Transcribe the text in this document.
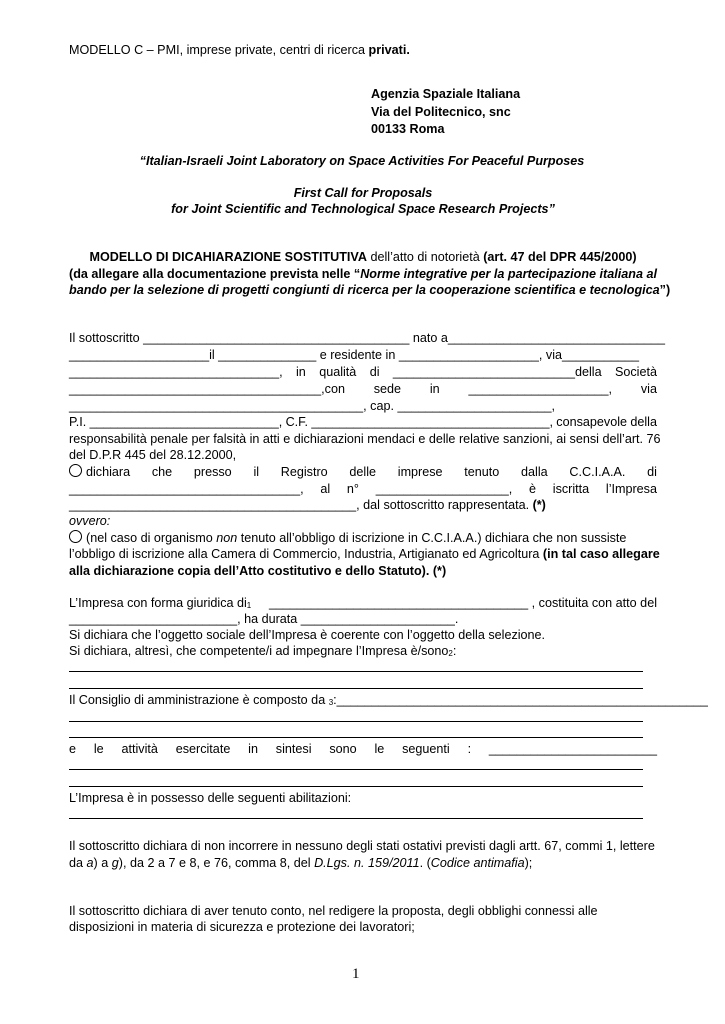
MODELLO C – PMI, imprese private, centri di ricerca privati.
Agenzia Spaziale Italiana
Via del Politecnico, snc
00133 Roma
“Italian-Israeli Joint Laboratory on Space Activities For Peaceful Purposes
First Call for Proposals
for Joint Scientific and Technological Space Research Projects”
MODELLO DI DICAHIARAZIONE SOSTITUTIVA dell’atto di notorietà (art. 47 del DPR 445/2000)
(da allegare alla documentazione prevista nelle “Norme integrative per la partecipazione italiana al
bando per la selezione di progetti congiunti di ricerca per la cooperazione scientifica e tecnologica”)
Il sottoscritto ______________________________________ nato a_______________________________
____________________il ______________ e residente in ____________________, via___________
______________________________, in qualità di __________________________della Società
____________________________________,con sede in ____________________, via
__________________________________________, cap. ______________________,
P.I. ___________________________, C.F. __________________________________, consapevole della
responsabilità penale per falsità in atti e dichiarazioni mendaci e delle relative sanzioni, ai sensi dell’art. 76
del D.P.R 445 del 28.12.2000,
dichiara che presso il Registro delle imprese tenuto dalla C.C.I.A.A. di
_________________________________, al n° ___________________, è iscritta l’Impresa
_________________________________________, dal sottoscritto rappresentata. (*)
ovvero:
(nel caso di organismo non tenuto all’obbligo di iscrizione in C.C.I.A.A.) dichiara che non sussiste
l’obbligo di iscrizione alla Camera di Commercio, Industria, Artigianato ed Agricoltura (in tal caso allegare
alla dichiarazione copia dell’Atto costitutivo e dello Statuto). (*)
L’Impresa con forma giuridica $di_1$ _____________________________________ , costituita con atto del
________________________, ha durata ______________________.
Si dichiara che l’oggetto sociale dell’Impresa è coerente con l’oggetto della selezione.
Si dichiara, altresì, che competente/i ad impegnare l’Impresa è/sono$_2$:
Il Consiglio di amministrazione è composto da $_3$:_____________________________________________________
e le attività esercitate in sintesi sono le seguenti : ________________________
L’Impresa è in possesso delle seguenti abilitazioni:
Il sottoscritto dichiara di non incorrere in nessuno degli stati ostativi previsti dagli artt. 67, commi 1, lettere
da a) a g), da 2 a 7 e 8, e 76, comma 8, del D.Lgs. n. 159/2011. (Codice antimafia);
Il sottoscritto dichiara di aver tenuto conto, nel redigere la proposta, degli obblighi connessi alle
disposizioni in materia di sicurezza e protezione dei lavoratori;
1
